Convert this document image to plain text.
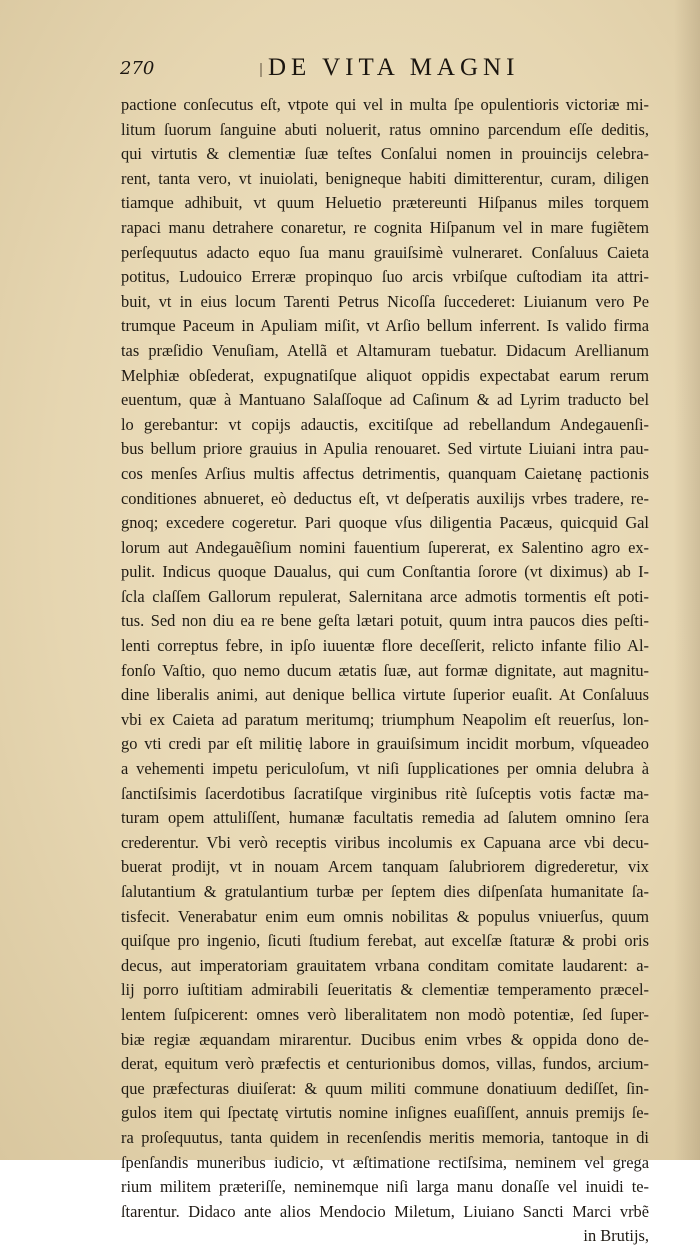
270	DE VITA MAGNI
pactione conſecutus eſt, vtpote qui vel in multa ſpe opulentioris victoriæ mi-
litum ſuorum ſanguine abuti noluerit, ratus omnino parcendum eſſe deditis,
qui virtutis & clementiæ ſuæ teſtes Conſalui nomen in prouincijs celebra-
rent, tanta vero, vt inuiolati, benigneque habiti dimitterentur, curam, diligen
tiamque adhibuit, vt quum Heluetio prætereunti Hiſpanus miles torquem
rapaci manu detrahere conaretur, re cognita Hiſpanum vel in mare fugiẽtem
perſequutus adacto equo ſua manu grauiſsimè vulneraret. Conſaluus Caieta
potitus, Ludouico Erreræ propinquo ſuo arcis vrbiſque cuſtodiam ita attri-
buit, vt in eius locum Tarenti Petrus Nicoſſa ſuccederet: Liuianum vero Pe
trumque Paceum in Apuliam miſit, vt Arſio bellum inferrent. Is valido firma
tas præſidio Venuſiam, Atellã et Altamuram tuebatur. Didacum Arellianum
Melphiæ obſederat, expugnatiſque aliquot oppidis expectabat earum rerum
euentum, quæ à Mantuano Salaſſoque ad Caſinum & ad Lyrim traducto bel
lo gerebantur: vt copijs adauctis, excitiſque ad rebellandum Andegauenſi-
bus bellum priore grauius in Apulia renouaret. Sed virtute Liuiani intra pau-
cos menſes Arſius multis affectus detrimentis, quanquam Caietanę pactionis
conditiones abnueret, eò deductus eſt, vt deſperatis auxilijs vrbes tradere, re-
gnoq; excedere cogeretur. Pari quoque vſus diligentia Pacæus, quicquid Gal
lorum aut Andegauẽſium nomini fauentium ſupererat, ex Salentino agro ex-
pulit. Indicus quoque Daualus, qui cum Conſtantia ſorore (vt diximus) ab I-
ſcla claſſem Gallorum repulerat, Salernitana arce admotis tormentis eſt poti-
tus. Sed non diu ea re bene geſta lætari potuit, quum intra paucos dies peſti-
lenti correptus febre, in ipſo iuuentæ flore deceſſerit, relicto infante filio Al-
fonſo Vaſtio, quo nemo ducum ætatis ſuæ, aut formæ dignitate, aut magnitu-
dine liberalis animi, aut denique bellica virtute ſuperior euaſit. At Conſaluus
vbi ex Caieta ad paratum meritumq; triumphum Neapolim eſt reuerſus, lon-
go vti credi par eſt militię labore in grauiſsimum incidit morbum, vſqueadeo
a vehementi impetu periculoſum, vt niſi ſupplicationes per omnia delubra à
ſanctiſsimis ſacerdotibus ſacratiſque virginibus ritè ſuſceptis votis factæ ma-
turam opem attuliſſent, humanæ facultatis remedia ad ſalutem omnino ſera
crederentur. Vbi verò receptis viribus incolumis ex Capuana arce vbi decu-
buerat prodijt, vt in nouam Arcem tanquam ſalubriorem digrederetur, vix
ſalutantium & gratulantium turbæ per ſeptem dies diſpenſata humanitate ſa-
tisfecit. Venerabatur enim eum omnis nobilitas & populus vniuerſus, quum
quiſque pro ingenio, ſicuti ſtudium ferebat, aut excelſæ ſtaturæ & probi oris
decus, aut imperatoriam grauitatem vrbana conditam comitate laudarent: a-
lij porro iuſtitiam admirabili ſeueritatis & clementiæ temperamento præcel-
lentem ſuſpicerent: omnes verò liberalitatem non modò potentiæ, ſed ſuper-
biæ regiæ æquandam mirarentur. Ducibus enim vrbes & oppida dono de-
derat, equitum verò præfectis et centurionibus domos, villas, fundos, arcium-
que præfecturas diuiſerat: & quum militi commune donatiuum dediſſet, ſin-
gulos item qui ſpectatę virtutis nomine inſignes euaſiſſent, annuis premijs ſe-
ra proſequutus, tanta quidem in recenſendis meritis memoria, tantoque in di
ſpenſandis muneribus iudicio, vt æſtimatione rectiſsima, neminem vel grega
rium militem præteriſſe, neminemque niſi larga manu donaſſe vel inuidi te-
ſtarentur. Didaco ante alios Mendocio Miletum, Liuiano Sancti Marci vrbẽ
in Brutijs,
